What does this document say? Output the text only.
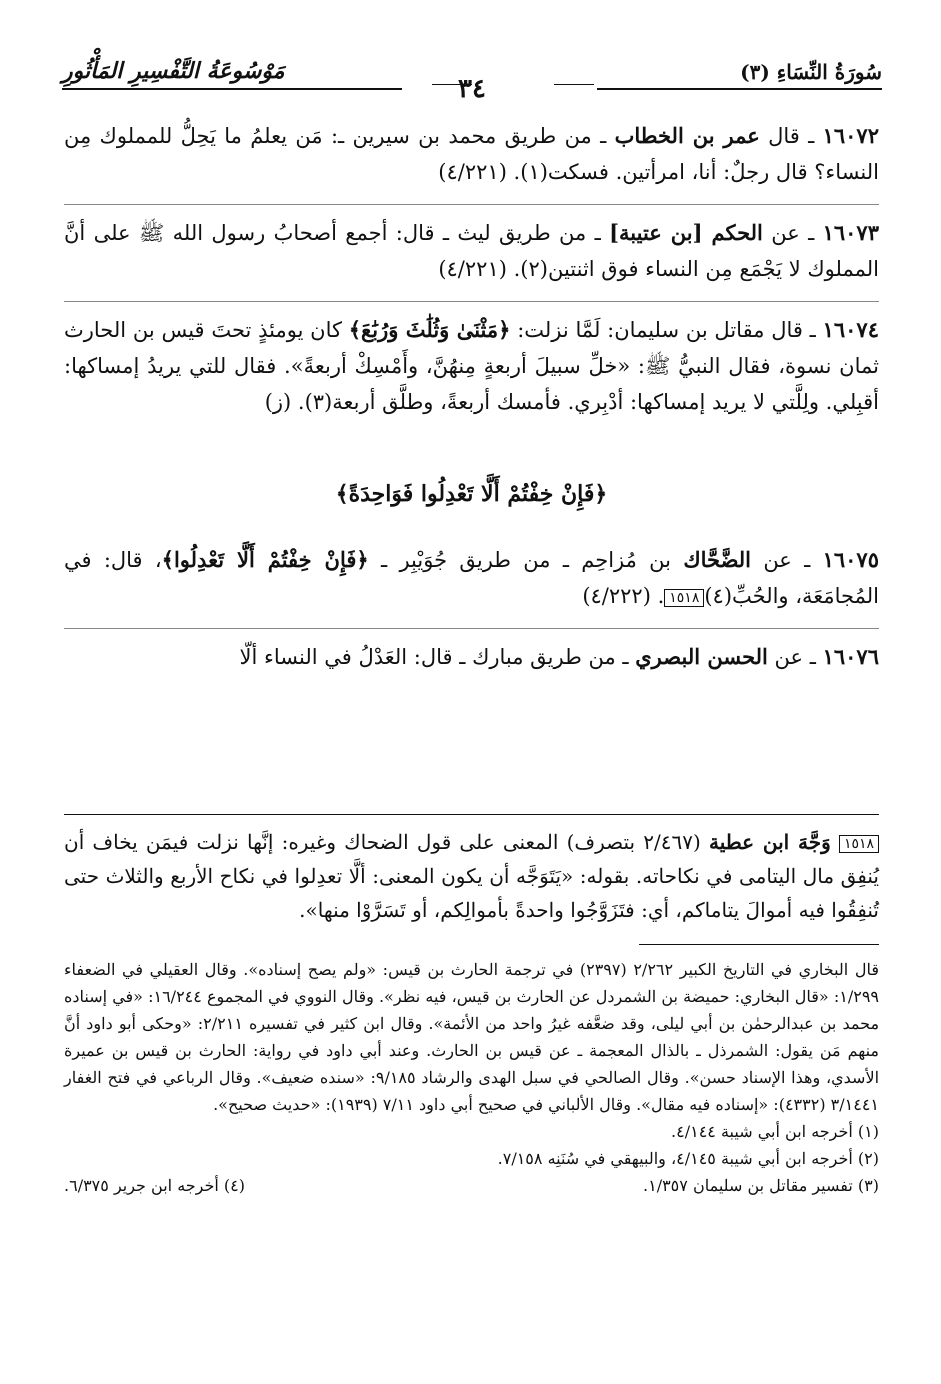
سُورَةُ النِّسَاءِ (٣)
٣٤
مَوْسُوعَةُ التَّفْسِيرِ المَأْثُورِ

١٦٠٧٢ ـ قال عمر بن الخطاب ـ من طريق محمد بن سيرين ـ: مَن يعلمُ ما يَحِلُّ للمملوك مِن النساء؟ قال رجلٌ: أنا، امرأتين. فسكت(١). (٤/٢٢١)

١٦٠٧٣ ـ عن الحكم [بن عتيبة] ـ من طريق ليث ـ قال: أجمع أصحابُ رسول الله ﷺ على أنَّ المملوك لا يَجْمَع مِن النساء فوق اثنتين(٢). (٤/٢٢١)

١٦٠٧٤ ـ قال مقاتل بن سليمان: لَمَّا نزلت: ﴿مَثْنَىٰ وَثُلَٰثَ وَرُبَٰعَ﴾ كان يومئذٍ تحتَ قيس بن الحارث ثمان نسوة، فقال النبيُّ ﷺ: «خلِّ سبيلَ أربعةٍ مِنهُنَّ، وأَمْسِكْ أربعةً». فقال للتي يريدُ إمساكها: أقبِلي. ولِلَّتي لا يريد إمساكها: أدْبِري. فأمسك أربعةً، وطلَّق أربعة(٣). (ز)

﴿فَإِنْ خِفْتُمْ أَلَّا تَعْدِلُوا فَوَاحِدَةً﴾

١٦٠٧٥ ـ عن الضَّحَّاك بن مُزاحِم ـ من طريق جُوَيْبِر ـ ﴿فَإِنْ خِفْتُمْ أَلَّا تَعْدِلُوا﴾، قال: في المُجامَعَة، والحُبِّ(٤)١٥١٨. (٤/٢٢٢)

١٦٠٧٦ ـ عن الحسن البصري ـ من طريق مبارك ـ قال: العَدْلُ في النساء ألّا

١٥١٨ وَجَّهَ ابن عطية (٢/٤٦٧ بتصرف) المعنى على قول الضحاك وغيره: إنَّها نزلت فيمَن يخاف أن يُنفِق مال اليتامى في نكاحاته. بقوله: «يَتَوَجَّه أن يكون المعنى: ألَّا تعدِلوا في نكاح الأربع والثلاث حتى تُنفِقُوا فيه أموالَ يتاماكم، أي: فتَزَوَّجُوا واحدةً بأموالِكم، أو تَسَرَّوْا منها».
قال البخاري في التاريخ الكبير ٢/٢٦٢ (٢٣٩٧) في ترجمة الحارث بن قيس: «ولم يصح إسناده». وقال العقيلي في الضعفاء ١/٢٩٩: «قال البخاري: حميضة بن الشمردل عن الحارث بن قيس، فيه نظر». وقال النووي في المجموع ١٦/٢٤٤: «في إسناده محمد بن عبدالرحمٰن بن أبي ليلى، وقد ضعَّفه غيرُ واحد من الأئمة». وقال ابن كثير في تفسيره ٢/٢١١: «وحكى أبو داود أنَّ منهم مَن يقول: الشمرذل ـ بالذال المعجمة ـ عن قيس بن الحارث. وعند أبي داود في رواية: الحارث بن قيس بن عميرة الأسدي، وهذا الإسناد حسن». وقال الصالحي في سبل الهدى والرشاد ٩/١٨٥: «سنده ضعيف». وقال الرباعي في فتح الغفار ٣/١٤٤١ (٤٣٣٢): «إسناده فيه مقال». وقال الألباني في صحيح أبي داود ٧/١١ (١٩٣٩): «حديث صحيح».
(١) أخرجه ابن أبي شيبة ٤/١٤٤.
(٢) أخرجه ابن أبي شيبة ٤/١٤٥، والبيهقي في سُنَنِه ٧/١٥٨.
(٣) تفسير مقاتل بن سليمان ١/٣٥٧.
(٤) أخرجه ابن جرير ٦/٣٧٥.
